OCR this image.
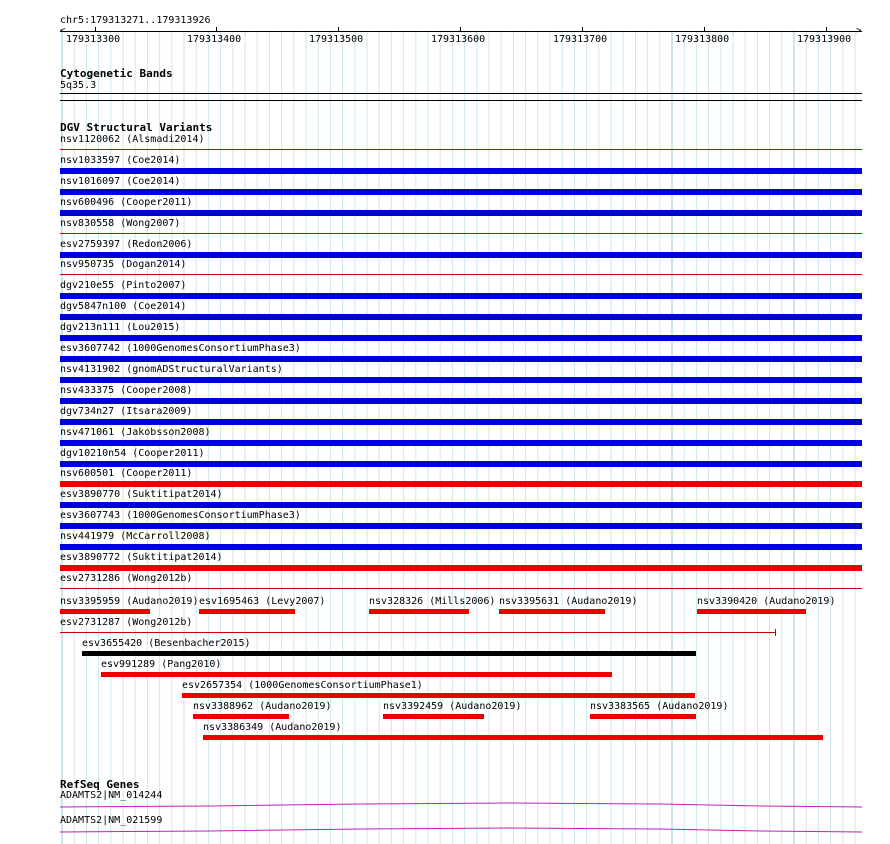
chr5:179313271..179313926
<	>
179313300	179313400	179313500	179313600	179313700	179313800	179313900
Cytogenetic Bands
5q35.3
DGV Structural Variants
nsv1120062 (Alsmadi2014)
nsv1033597 (Coe2014)
nsv1016097 (Coe2014)
nsv600496 (Cooper2011)
nsv830558 (Wong2007)
esv2759397 (Redon2006)
nsv950735 (Dogan2014)
dgv210e55 (Pinto2007)
dgv5847n100 (Coe2014)
dgv213n111 (Lou2015)
esv3607742 (1000GenomesConsortiumPhase3)
nsv4131902 (gnomADStructuralVariants)
nsv433375 (Cooper2008)
dgv734n27 (Itsara2009)
nsv471061 (Jakobsson2008)
dgv10210n54 (Cooper2011)
nsv600501 (Cooper2011)
esv3890770 (Suktitipat2014)
esv3607743 (1000GenomesConsortiumPhase3)
nsv441979 (McCarroll2008)
esv3890772 (Suktitipat2014)
esv2731286 (Wong2012b)
nsv3395959 (Audano2019) esv1695463 (Levy2007)	nsv328326 (Mills2006) nsv3395631 (Audano2019)	nsv3390420 (Audano2019)
esv2731287 (Wong2012b)
esv3655420 (Besenbacher2015)
esv991289 (Pang2010)
esv2657354 (1000GenomesConsortiumPhase1)
nsv3388962 (Audano2019)	nsv3392459 (Audano2019)	nsv3383565 (Audano2019)
nsv3386349 (Audano2019)
RefSeq Genes
ADAMTS2|NM_014244
ADAMTS2|NM_021599
